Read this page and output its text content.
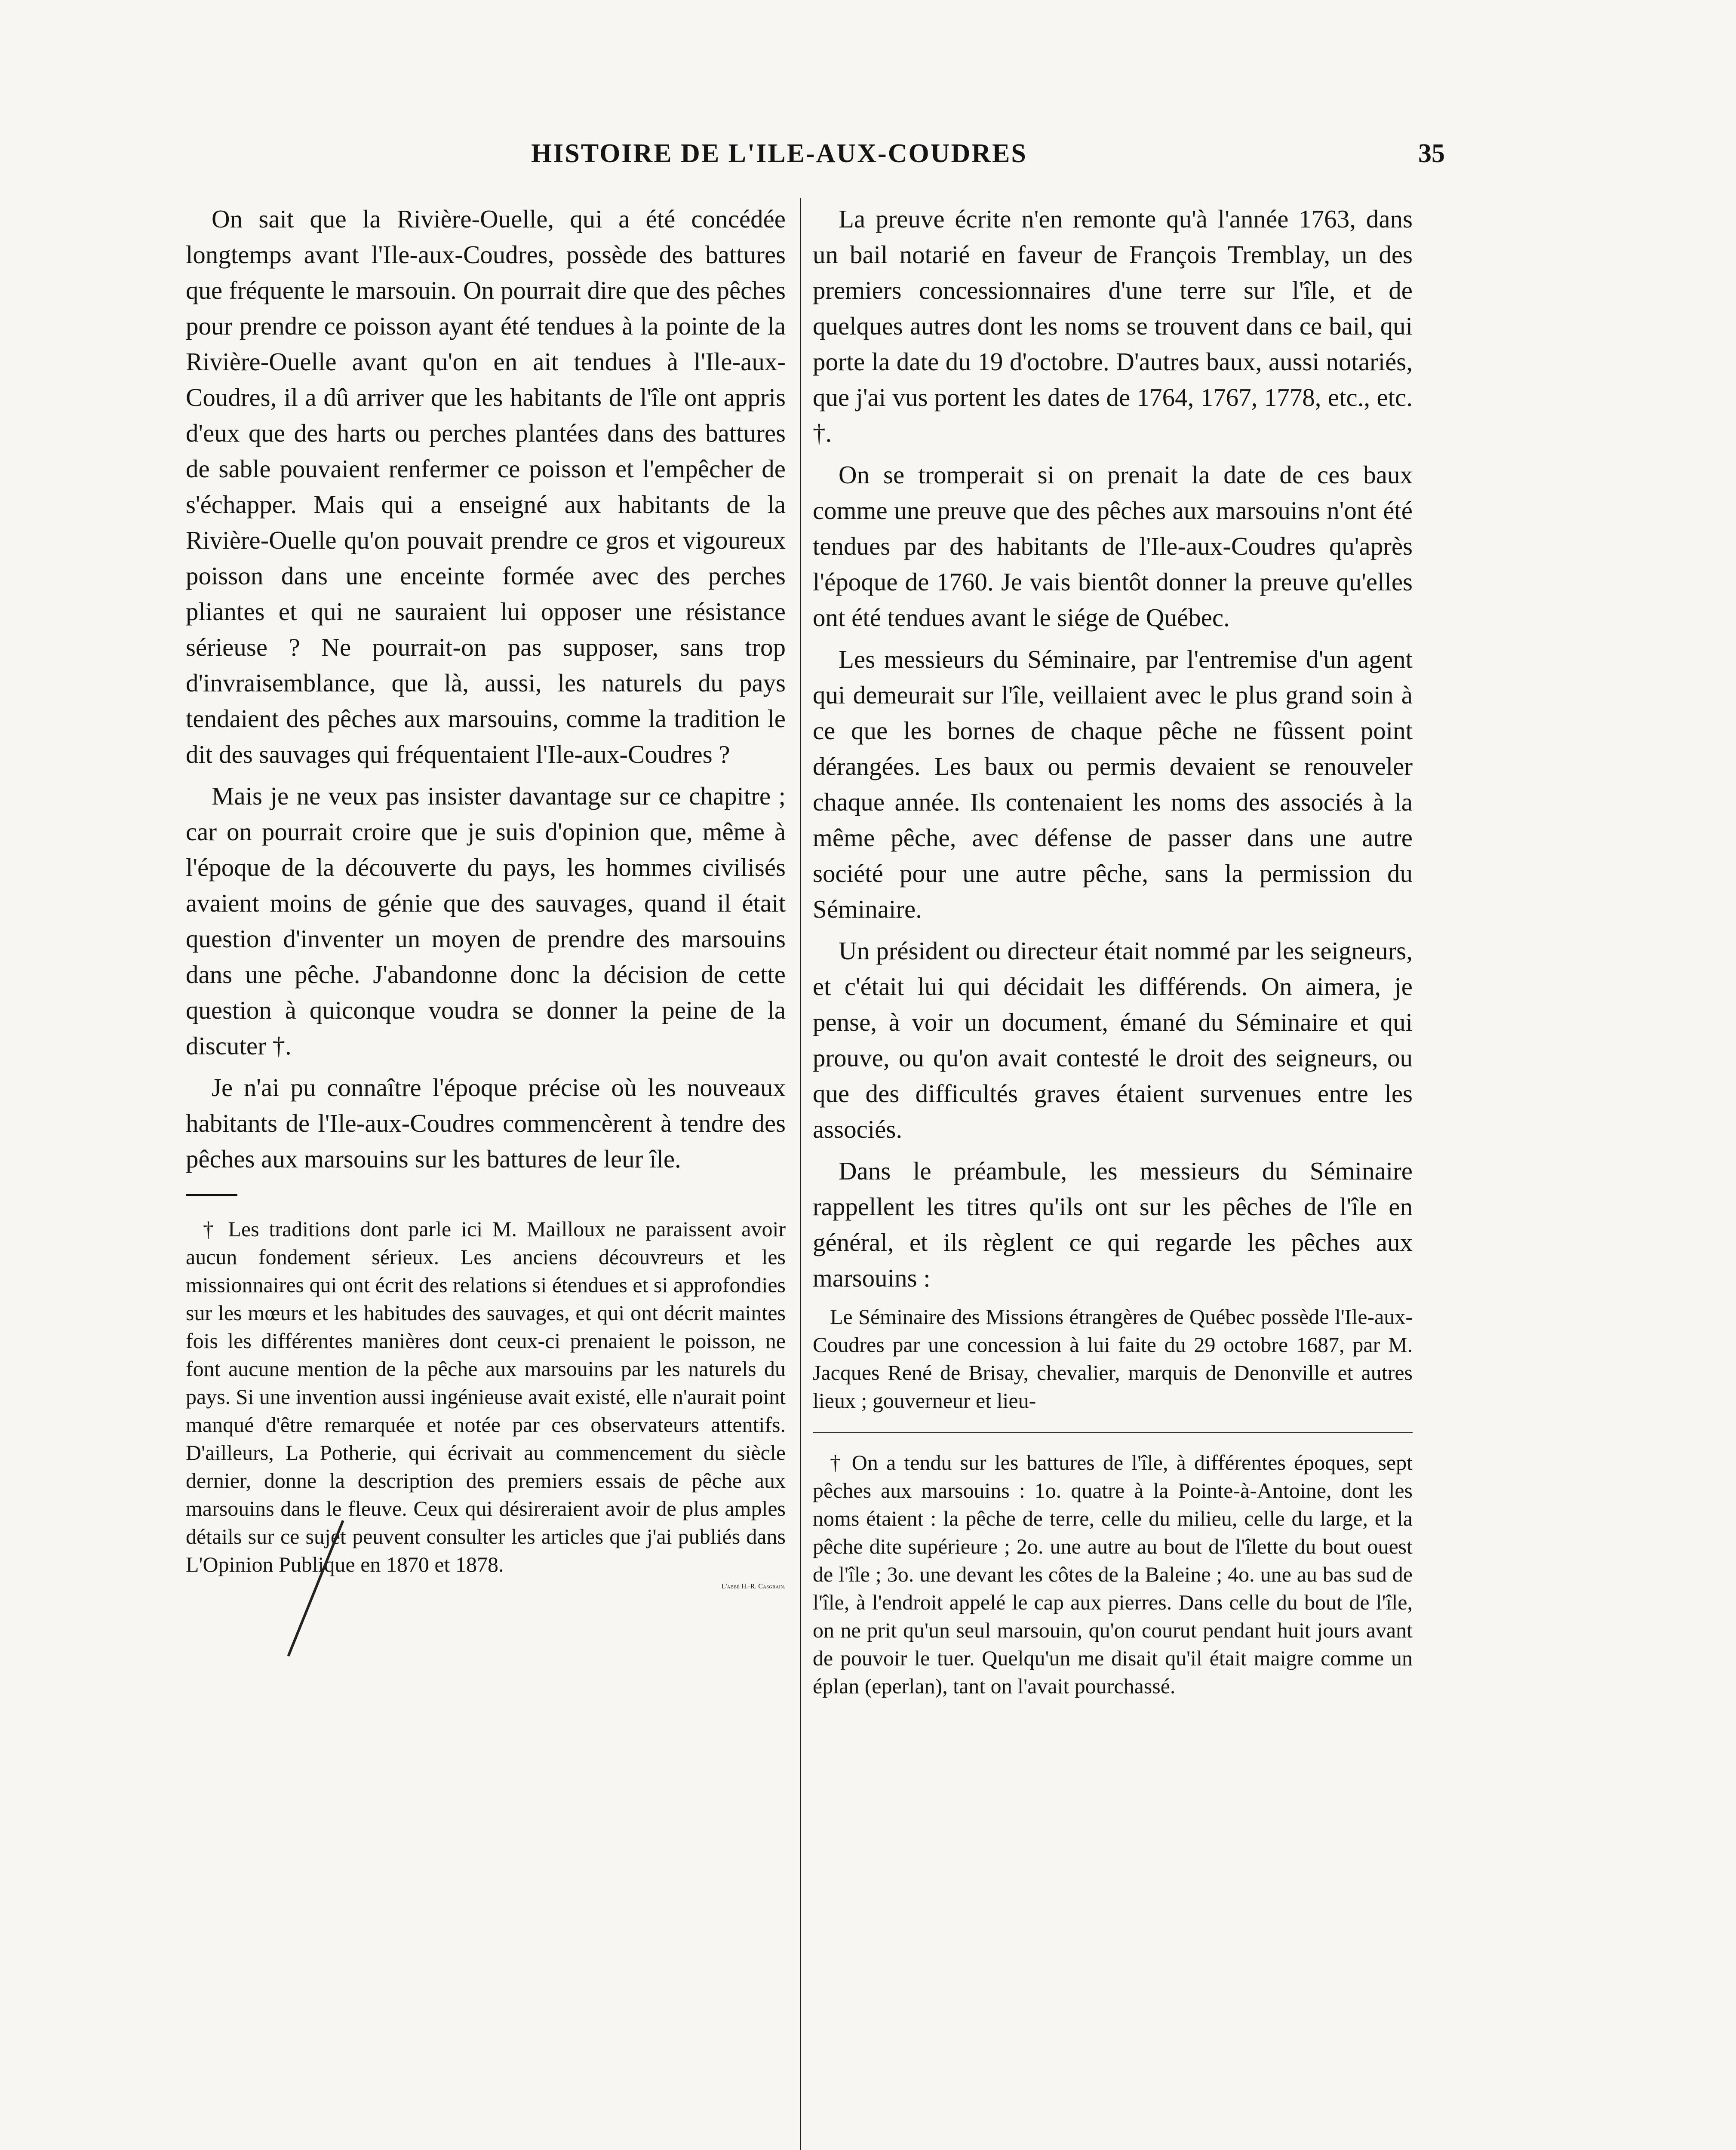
HISTOIRE DE L'ILE-AUX-COUDRES	35

On sait que la Rivière-Ouelle, qui a été concédée longtemps avant l'Ile-aux-Coudres, possède des battures que fréquente le marsouin. On pourrait dire que des pêches pour prendre ce poisson ayant été tendues à la pointe de la Rivière-Ouelle avant qu'on en ait tendues à l'Ile-aux-Coudres, il a dû arriver que les habitants de l'île ont appris d'eux que des harts ou perches plantées dans des battures de sable pouvaient renfermer ce poisson et l'empêcher de s'échapper. Mais qui a enseigné aux habitants de la Rivière-Ouelle qu'on pouvait prendre ce gros et vigoureux poisson dans une enceinte formée avec des perches pliantes et qui ne sauraient lui opposer une résistance sérieuse ? Ne pourrait-on pas supposer, sans trop d'invraisemblance, que là, aussi, les naturels du pays tendaient des pêches aux marsouins, comme la tradition le dit des sauvages qui fréquentaient l'Ile-aux-Coudres ?

Mais je ne veux pas insister davantage sur ce chapitre ; car on pourrait croire que je suis d'opinion que, même à l'époque de la découverte du pays, les hommes civilisés avaient moins de génie que des sauvages, quand il était question d'inventer un moyen de prendre des marsouins dans une pêche. J'abandonne donc la décision de cette question à quiconque voudra se donner la peine de la discuter †.

Je n'ai pu connaître l'époque précise où les nouveaux habitants de l'Ile-aux-Coudres commencèrent à tendre des pêches aux marsouins sur les battures de leur île.

† Les traditions dont parle ici M. Mailloux ne paraissent avoir aucun fondement sérieux. Les anciens découvreurs et les missionnaires qui ont écrit des relations si étendues et si approfondies sur les mœurs et les habitudes des sauvages, et qui ont décrit maintes fois les différentes manières dont ceux-ci prenaient le poisson, ne font aucune mention de la pêche aux marsouins par les naturels du pays. Si une invention aussi ingénieuse avait existé, elle n'aurait point manqué d'être remarquée et notée par ces observateurs attentifs. D'ailleurs, La Potherie, qui écrivait au commencement du siècle dernier, donne la description des premiers essais de pêche aux marsouins dans le fleuve. Ceux qui désireraient avoir de plus amples détails sur ce sujet peuvent consulter les articles que j'ai publiés dans L'Opinion Publique en 1870 et 1878.

L'abbé H.-R. Casgrain.

La preuve écrite n'en remonte qu'à l'année 1763, dans un bail notarié en faveur de François Tremblay, un des premiers concessionnaires d'une terre sur l'île, et de quelques autres dont les noms se trouvent dans ce bail, qui porte la date du 19 d'octobre. D'autres baux, aussi notariés, que j'ai vus portent les dates de 1764, 1767, 1778, etc., etc. †.

On se tromperait si on prenait la date de ces baux comme une preuve que des pêches aux marsouins n'ont été tendues par des habitants de l'Ile-aux-Coudres qu'après l'époque de 1760. Je vais bientôt donner la preuve qu'elles ont été tendues avant le siége de Québec.

Les messieurs du Séminaire, par l'entremise d'un agent qui demeurait sur l'île, veillaient avec le plus grand soin à ce que les bornes de chaque pêche ne fûssent point dérangées. Les baux ou permis devaient se renouveler chaque année. Ils contenaient les noms des associés à la même pêche, avec défense de passer dans une autre société pour une autre pêche, sans la permission du Séminaire.

Un président ou directeur était nommé par les seigneurs, et c'était lui qui décidait les différends. On aimera, je pense, à voir un document, émané du Séminaire et qui prouve, ou qu'on avait contesté le droit des seigneurs, ou que des difficultés graves étaient survenues entre les associés.

Dans le préambule, les messieurs du Séminaire rappellent les titres qu'ils ont sur les pêches de l'île en général, et ils règlent ce qui regarde les pêches aux marsouins :

Le Séminaire des Missions étrangères de Québec possède l'Ile-aux-Coudres par une concession à lui faite du 29 octobre 1687, par M. Jacques René de Brisay, chevalier, marquis de Denonville et autres lieux ; gouverneur et lieu-

† On a tendu sur les battures de l'île, à différentes époques, sept pêches aux marsouins : 1o. quatre à la Pointe-à-Antoine, dont les noms étaient : la pêche de terre, celle du milieu, celle du large, et la pêche dite supérieure ; 2o. une autre au bout de l'îlette du bout ouest de l'île ; 3o. une devant les côtes de la Baleine ; 4o. une au bas sud de l'île, à l'endroit appelé le cap aux pierres. Dans celle du bout de l'île, on ne prit qu'un seul marsouin, qu'on courut pendant huit jours avant de pouvoir le tuer. Quelqu'un me disait qu'il était maigre comme un éplan (eperlan), tant on l'avait pourchassé.
